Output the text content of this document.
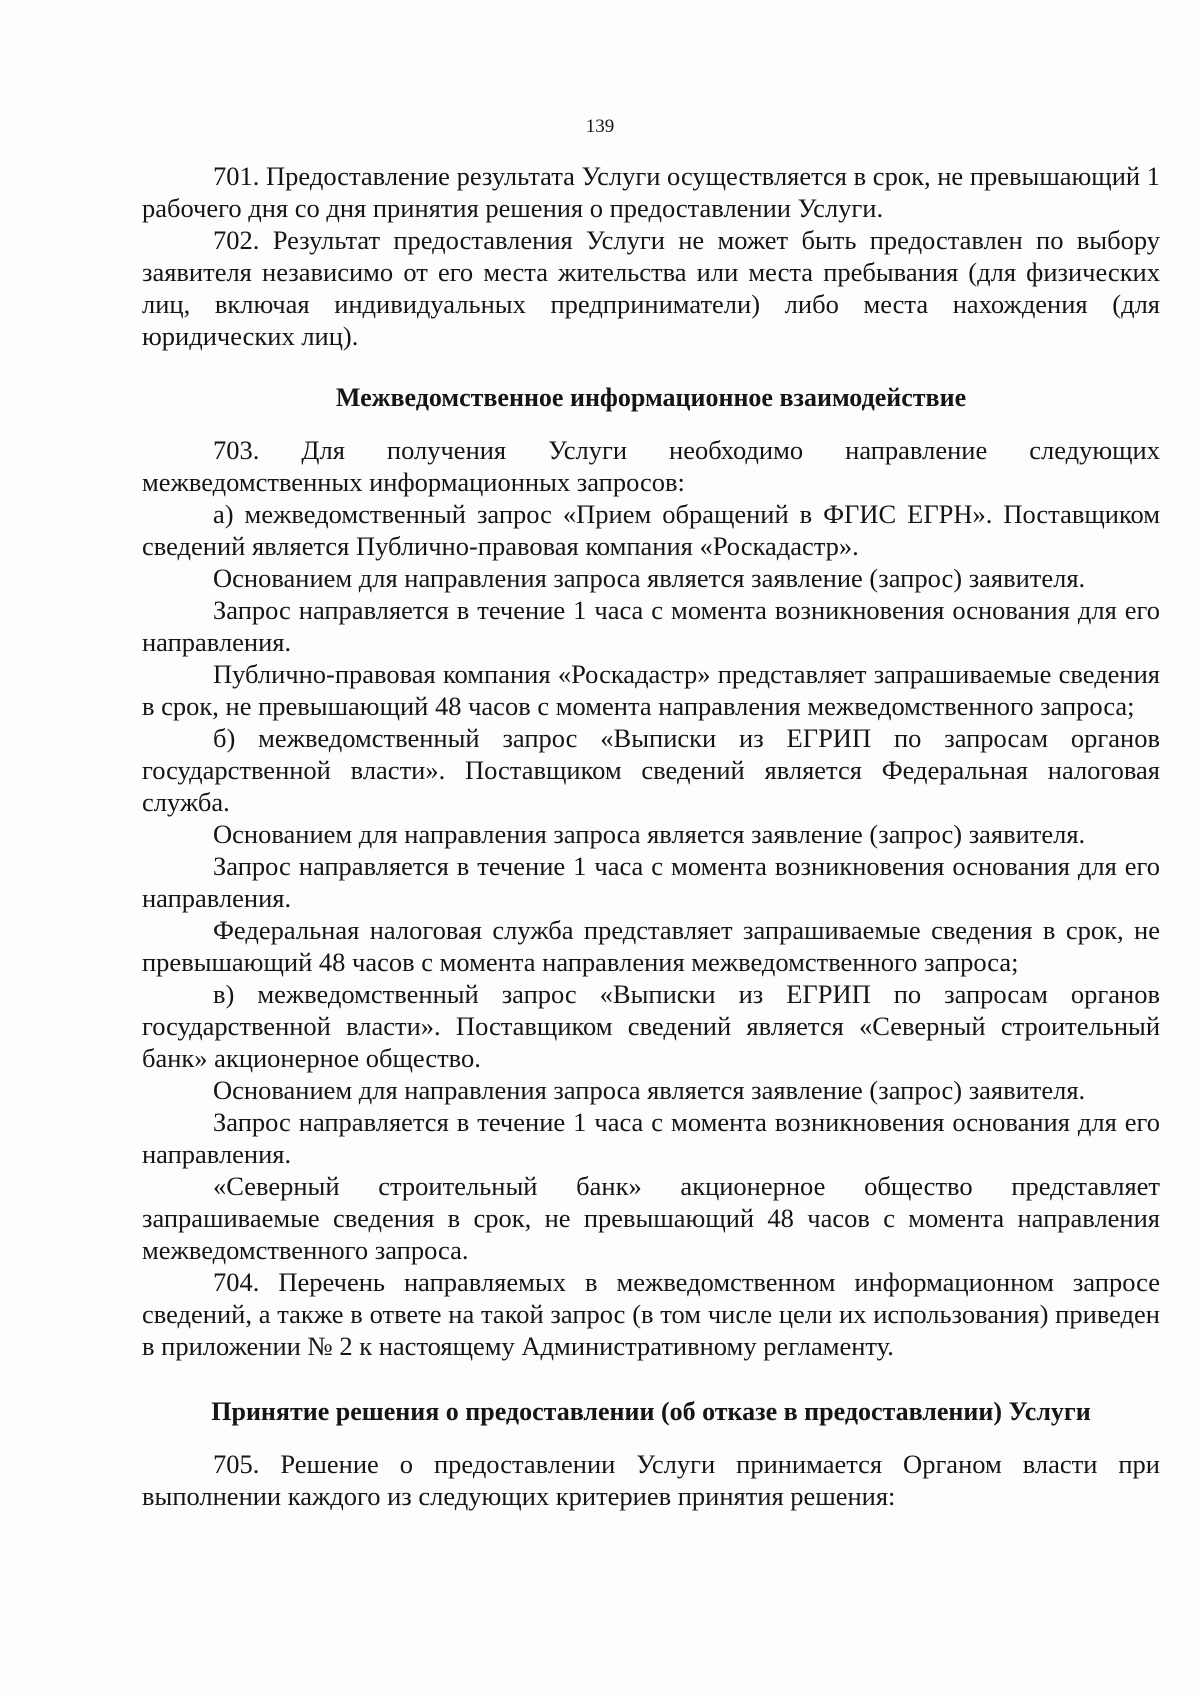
139

701. Предоставление результата Услуги осуществляется в срок, не превышающий 1 рабочего дня со дня принятия решения о предоставлении Услуги.

702. Результат предоставления Услуги не может быть предоставлен по выбору заявителя независимо от его места жительства или места пребывания (для физических лиц, включая индивидуальных предприниматели) либо места нахождения (для юридических лиц).

Межведомственное информационное взаимодействие

703. Для получения Услуги необходимо направление следующих межведомственных информационных запросов:

а) межведомственный запрос «Прием обращений в ФГИС ЕГРН». Поставщиком сведений является Публично-правовая компания «Роскадастр».

Основанием для направления запроса является заявление (запрос) заявителя.

Запрос направляется в течение 1 часа с момента возникновения основания для его направления.

Публично-правовая компания «Роскадастр» представляет запрашиваемые сведения в срок, не превышающий 48 часов с момента направления межведомственного запроса;

б) межведомственный запрос «Выписки из ЕГРИП по запросам органов государственной власти». Поставщиком сведений является Федеральная налоговая служба.

Основанием для направления запроса является заявление (запрос) заявителя.

Запрос направляется в течение 1 часа с момента возникновения основания для его направления.

Федеральная налоговая служба представляет запрашиваемые сведения в срок, не превышающий 48 часов с момента направления межведомственного запроса;

в) межведомственный запрос «Выписки из ЕГРИП по запросам органов государственной власти». Поставщиком сведений является «Северный строительный банк» акционерное общество.

Основанием для направления запроса является заявление (запрос) заявителя.

Запрос направляется в течение 1 часа с момента возникновения основания для его направления.

«Северный строительный банк» акционерное общество представляет запрашиваемые сведения в срок, не превышающий 48 часов с момента направления межведомственного запроса.

704. Перечень направляемых в межведомственном информационном запросе сведений, а также в ответе на такой запрос (в том числе цели их использования) приведен в приложении № 2 к настоящему Административному регламенту.

Принятие решения о предоставлении (об отказе в предоставлении) Услуги

705. Решение о предоставлении Услуги принимается Органом власти при выполнении каждого из следующих критериев принятия решения:
